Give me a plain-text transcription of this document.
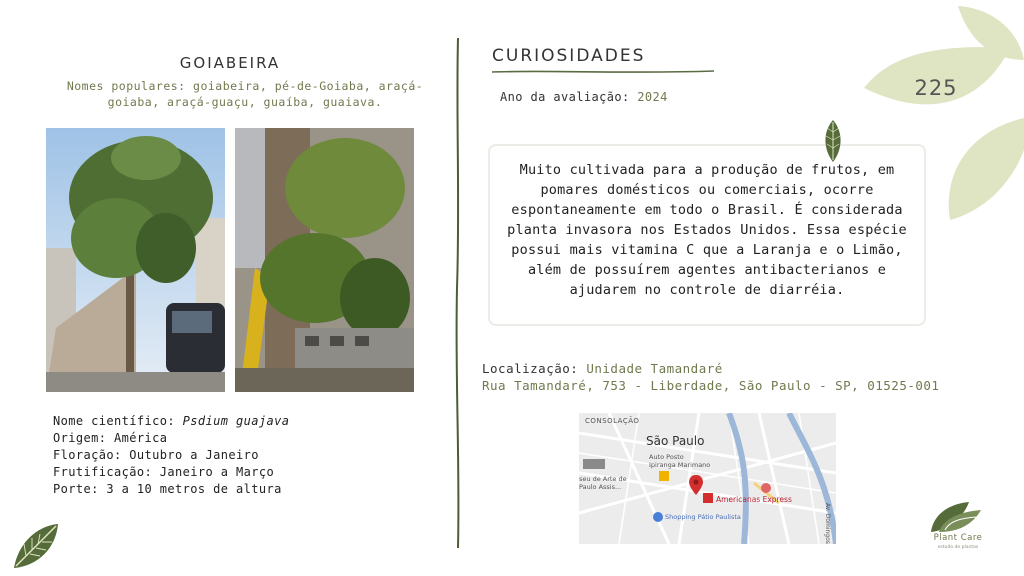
225
GOIABEIRA
Nomes populares: goiabeira, pé-de-Goiaba, araçá-goiaba, araçá-guaçu, guaíba, guaiava.
Nome científico: Psdium guajava
Origem: América
Floração: Outubro a Janeiro
Frutificação: Janeiro a Março
Porte: 3 a 10 metros de altura
CURIOSIDADES
Ano da avaliação: 2024
Muito cultivada para a produção de frutos, em pomares domésticos ou comerciais, ocorre espontaneamente em todo o Brasil. É considerada planta invasora nos Estados Unidos. Essa espécie possui mais vitamina C que a Laranja e o Limão, além de possuírem agentes antibacterianos e ajudarem no controle de diarréia.
Localização: Unidade Tamandaré
Rua Tamandaré, 753 - Liberdade, São Paulo - SP, 01525-001
CONSOLAÇÃO
São Paulo
Auto Posto
Ipiranga Marimano
seu de Arte de
Paulo Assis...
Americanas Express
Shopping Pátio Paulista	Av. Domingos	Plant Care
estudo de plantas
